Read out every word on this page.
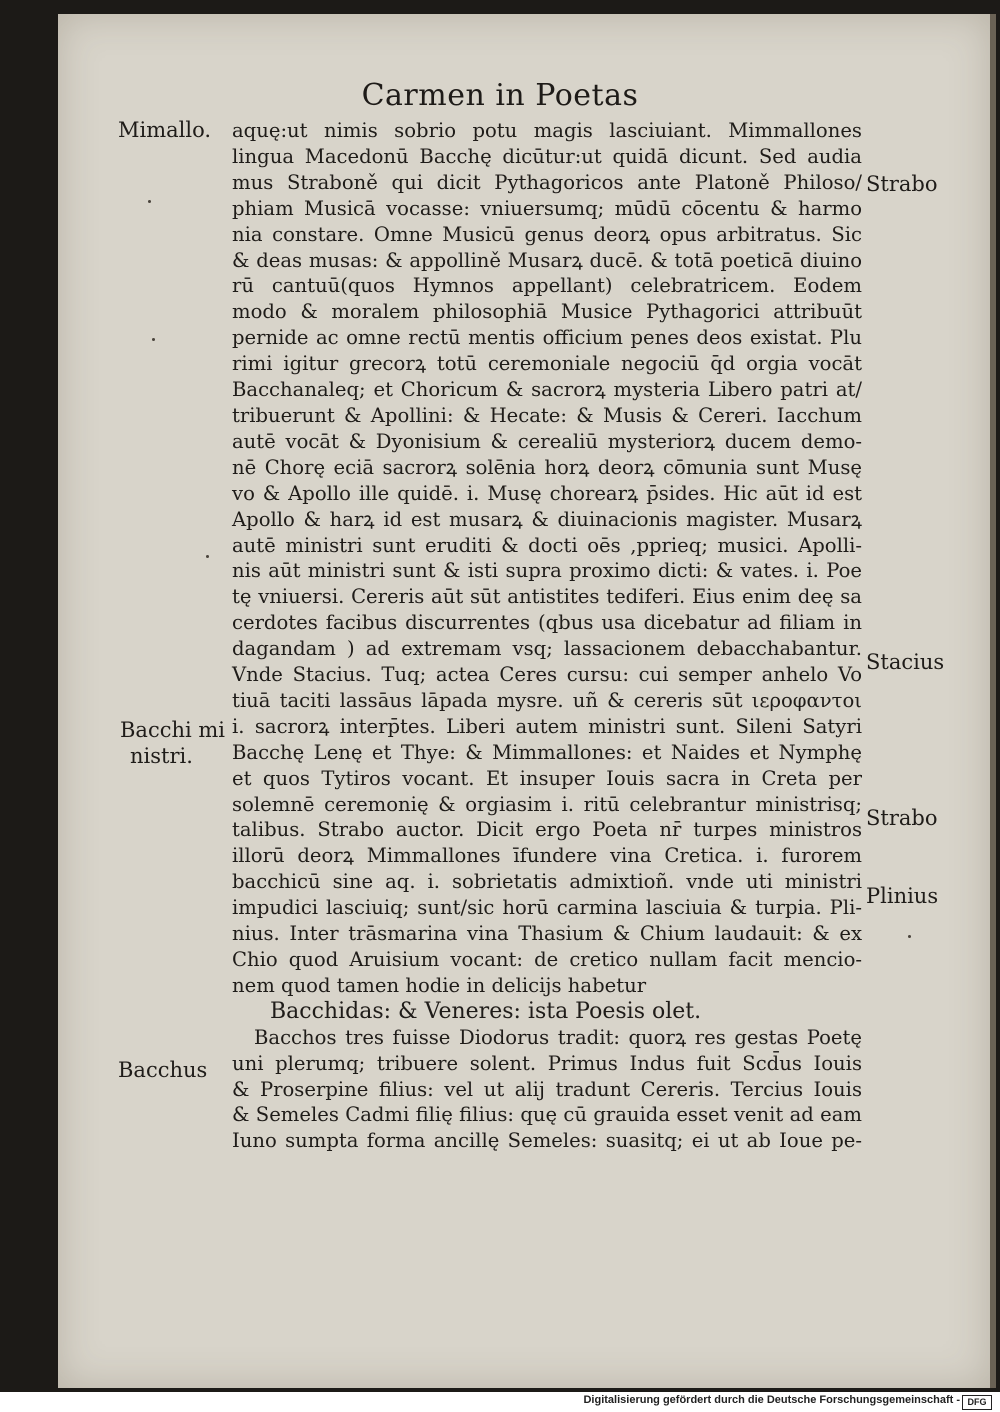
Carmen in Poetas
Mimallo.
Bacchi mi
nistri.
Bacchus
Strabo
Stacius
Strabo
Plinius
aquę:ut nimis sobrio potu magis lasciuiant. Mimmallones
lingua Macedonū Bacchę dicūtur:ut quidā dicunt. Sed audia
mus Straboně qui dicit Pythagoricos ante Platoně Philoso/
phiam Musicā vocasse: vniuersumq; mūdū cōcentu & harmo
nia constare. Omne Musicū genus deorꝝ opus arbitratus. Sic
& deas musas: & appollině Musarꝝ ducē. & totā poeticā diuino
rū cantuū(quos Hymnos appellant) celebratricem. Eodem
modo & moralem philosophiā Musice Pythagorici attribuūt
pernide ac omne rectū mentis officium penes deos existat. Plu
rimi igitur grecorꝝ totū ceremoniale negociū q̄d orgia vocāt
Bacchanaleq; et Choricum & sacrorꝝ mysteria Libero patri at/
tribuerunt & Apollini: & Hecate: & Musis & Cereri. Iacchum
autē vocāt & Dyonisium & cerealiū mysteriorꝝ ducem demo-
nē Chorę eciā sacrorꝝ solēnia horꝝ deorꝝ cōmunia sunt Musę
vo & Apollo ille quidē. i. Musę chorearꝝ p̄sides. Hic aūt id est
Apollo & harꝝ id est musarꝝ & diuinacionis magister. Musarꝝ
autē ministri sunt eruditi & docti oēs ,pprieq; musici. Apolli-
nis aūt ministri sunt & isti supra proximo dicti: & vates. i. Poe
tę vniuersi. Cereris aūt sūt antistites tediferi. Eius enim deę sa
cerdotes facibus discurrentes (qbus usa dicebatur ad filiam in
dagandam ) ad extremam vsq; lassacionem debacchabantur.
Vnde Stacius. Tuq; actea Ceres cursu: cui semper anhelo Vo
tiuā taciti lassāus lāpada mysre. uñ & cereris sūt ιεροφαντοι
i. sacrorꝝ interp̄tes. Liberi autem ministri sunt. Sileni Satyri
Bacchę Lenę et Thye: & Mimmallones: et Naides et Nymphę
et quos Tytiros vocant. Et insuper Iouis sacra in Creta per
solemnē ceremonię & orgiasim i. ritū celebrantur ministrisq;
talibus. Strabo auctor. Dicit ergo Poeta nr̄ turpes ministros
illorū deorꝝ Mimmallones īfundere vina Cretica. i. furorem
bacchicū sine aq. i. sobrietatis admixtioñ. vnde uti ministri
impudici lasciuiq; sunt/sic horū carmina lasciuia & turpia. Pli-
nius. Inter trāsmarina vina Thasium & Chium laudauit: & ex
Chio quod Aruisium vocant: de cretico nullam facit mencio-
nem quod tamen hodie in delicijs habetur
Bacchidas: & Veneres: ista Poesis olet.
Bacchos tres fuisse Diodorus tradit: quorꝝ res gestas Poetę
uni plerumq; tribuere solent. Primus Indus fuit Scd̄us Iouis
& Proserpine filius: vel ut alij tradunt Cereris. Tercius Iouis
& Semeles Cadmi filię filius: quę cū grauida esset venit ad eam
Iuno sumpta forma ancillę Semeles: suasitq; ei ut ab Ioue pe-
Digitalisierung gefördert durch die Deutsche Forschungsgemeinschaft - DFG
